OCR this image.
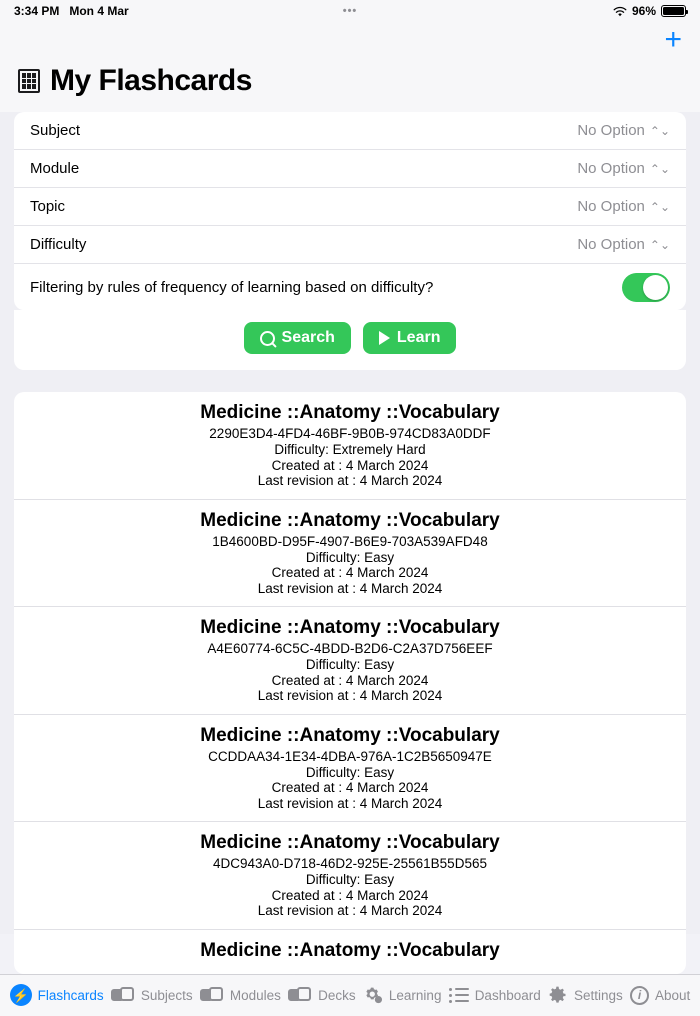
3:34 PM Mon 4 Mar	•••	96%
+
My Flashcards
Subject	No Option ⌃⌄
Module	No Option ⌃⌄
Topic	No Option ⌃⌄
Difficulty	No Option ⌃⌄
Filtering by rules of frequency of learning based on difficulty?
Search	Learn
Medicine ::Anatomy ::Vocabulary
2290E3D4-4FD4-46BF-9B0B-974CD83A0DDF
Difficulty: Extremely Hard
Created at : 4 March 2024
Last revision at : 4 March 2024
Medicine ::Anatomy ::Vocabulary
1B4600BD-D95F-4907-B6E9-703A539AFD48
Difficulty: Easy
Created at : 4 March 2024
Last revision at : 4 March 2024
Medicine ::Anatomy ::Vocabulary
A4E60774-6C5C-4BDD-B2D6-C2A37D756EEF
Difficulty: Easy
Created at : 4 March 2024
Last revision at : 4 March 2024
Medicine ::Anatomy ::Vocabulary
CCDDAA34-1E34-4DBA-976A-1C2B5650947E
Difficulty: Easy
Created at : 4 March 2024
Last revision at : 4 March 2024
Medicine ::Anatomy ::Vocabulary
4DC943A0-D718-46D2-925E-25561B55D565
Difficulty: Easy
Created at : 4 March 2024
Last revision at : 4 March 2024
Medicine ::Anatomy ::Vocabulary
⚡ Flashcards	Subjects	Modules	Decks Learning Dashboard Settings	i	About
